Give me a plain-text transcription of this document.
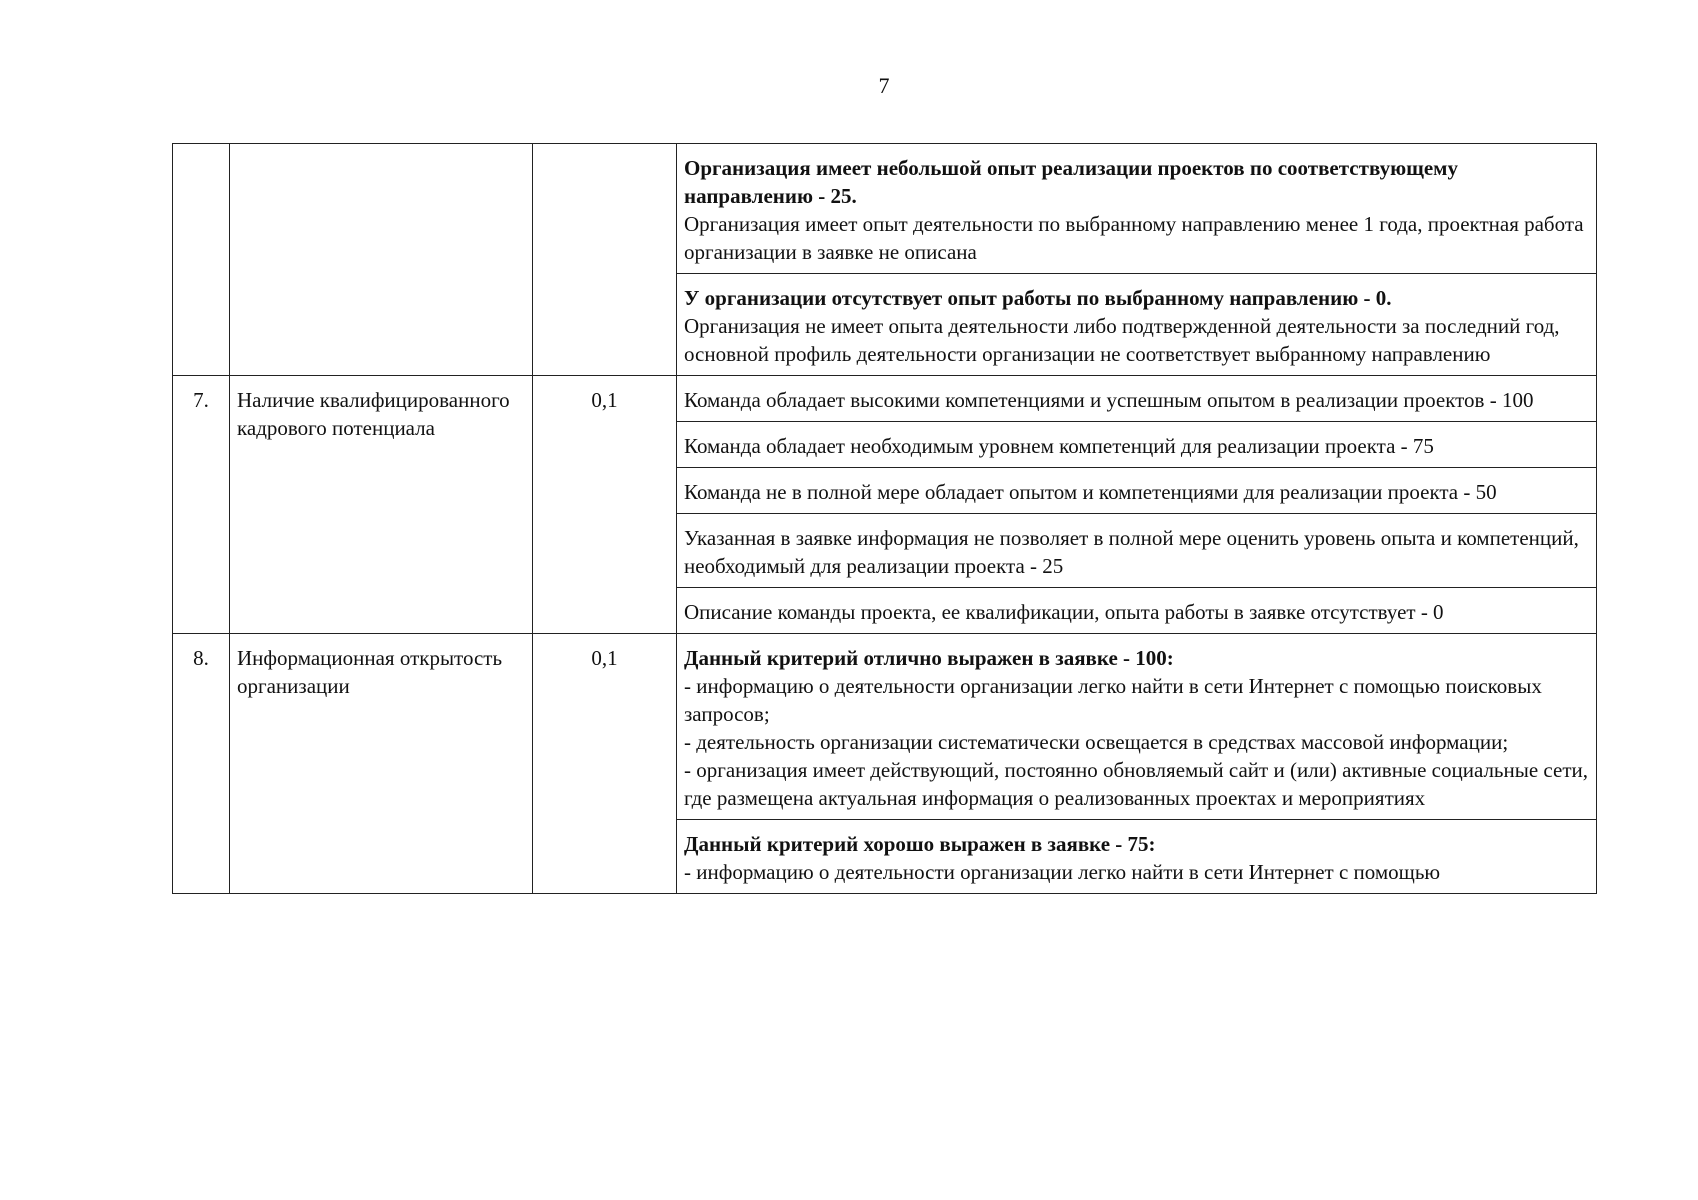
7

			Организация имеет небольшой опыт реализации проектов по соответствующему направлению - 25.

Организация имеет опыт деятельности по выбранному направлению менее 1 года, проектная работа организации в заявке не описана

			У организации отсутствует опыт работы по выбранному направлению - 0.

Организация не имеет опыта деятельности либо подтвержденной деятельности за последний год, основной профиль деятельности организации не соответствует выбранному направлению

7.	Наличие квалифицированного кадрового потенциала	0,1	Команда обладает высокими компетенциями и успешным опытом в реализации проектов - 100
			Команда обладает необходимым уровнем компетенций для реализации проекта - 75
			Команда не в полной мере обладает опытом и компетенциями для реализации проекта - 50
			Указанная в заявке информация не позволяет в полной мере оценить уровень опыта и компетенций, необходимый для реализации проекта - 25
			Описание команды проекта, ее квалификации, опыта работы в заявке отсутствует - 0
8.	Информационная открытость организации	0,1	Данный критерий отлично выражен в заявке - 100:

- информацию о деятельности организации легко найти в сети Интернет с помощью поисковых запросов;

- деятельность организации систематически освещается в средствах массовой информации;

- организация имеет действующий, постоянно обновляемый сайт и (или) активные социальные сети, где размещена актуальная информация о реализованных проектах и мероприятиях

			Данный критерий хорошо выражен в заявке - 75:

- информацию о деятельности организации легко найти в сети Интернет с помощью
